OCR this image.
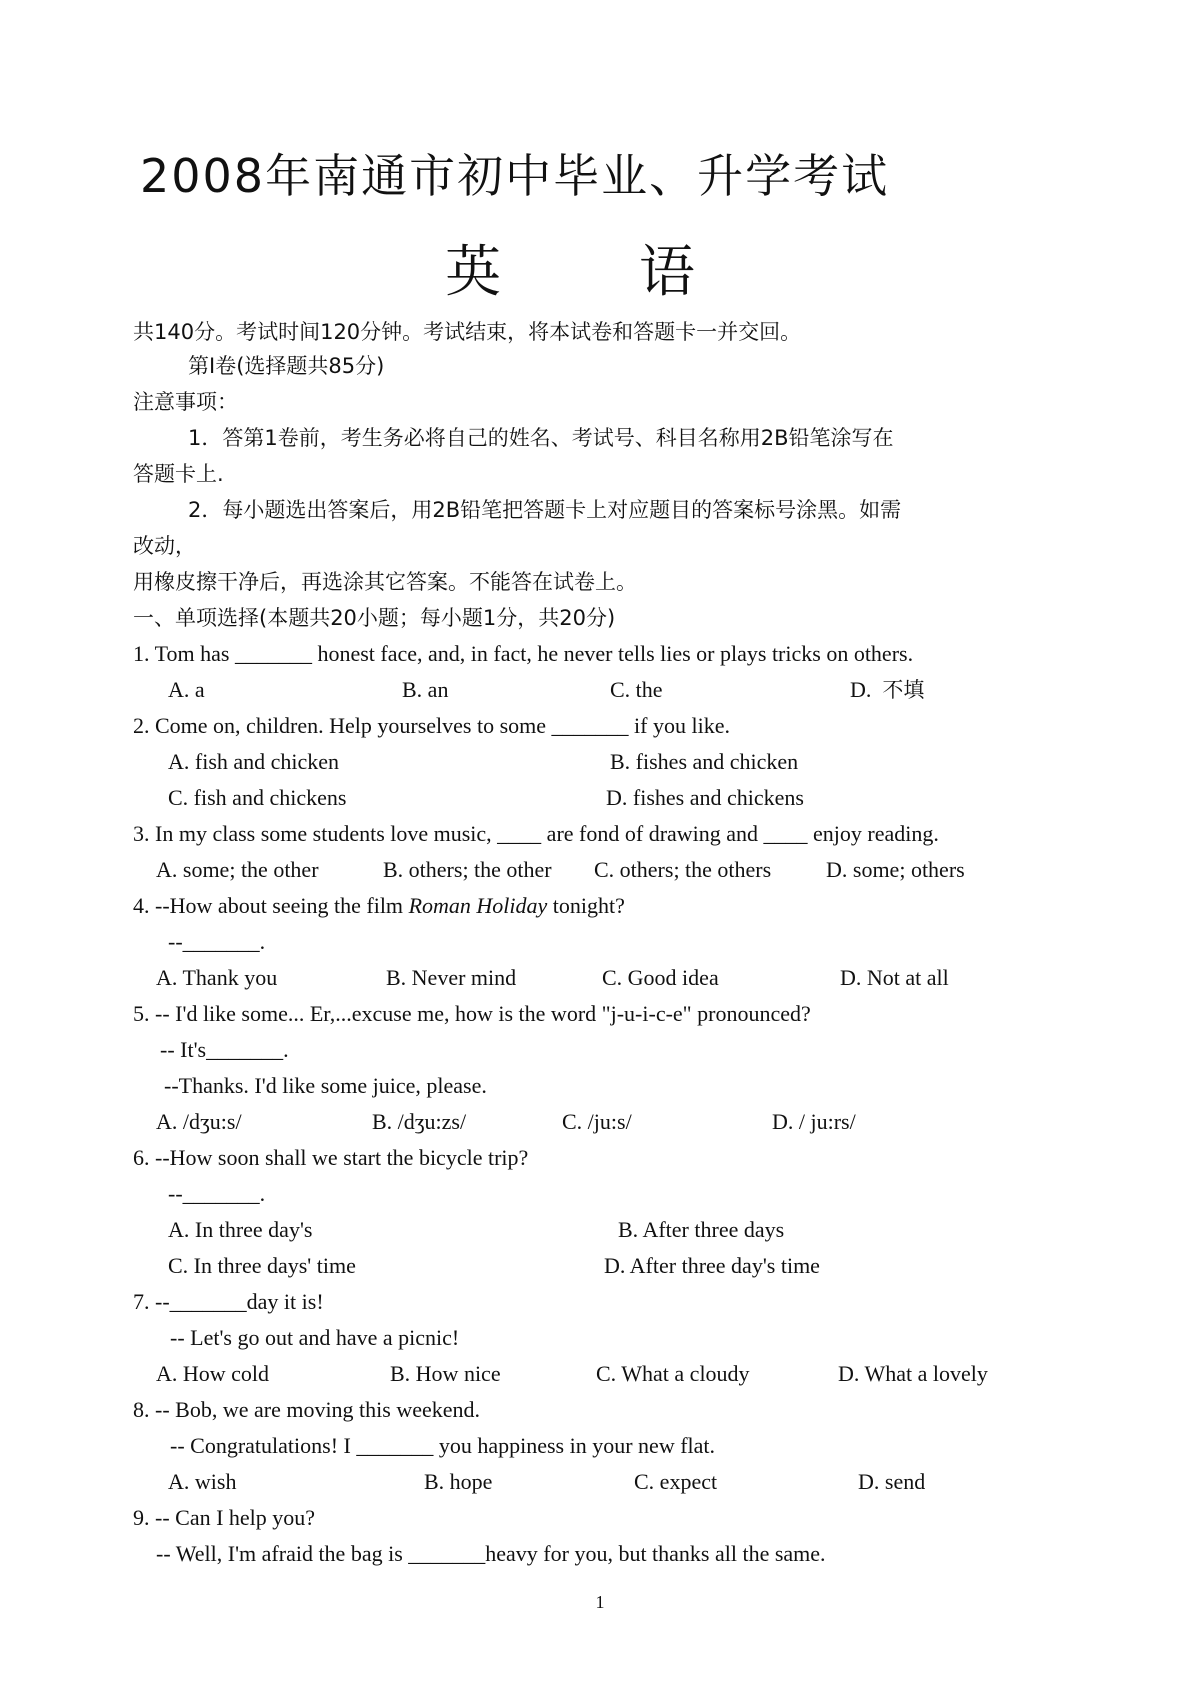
2008年南通市初中毕业、升学考试
英 语
共140分。考试时间120分钟。考试结束，将本试卷和答题卡一并交回。
第Ⅰ卷(选择题共85分)
注意事项：
1．答第1卷前，考生务必将自己的姓名、考试号、科目名称用2B铅笔涂写在
答题卡上.
2．每小题选出答案后，用2B铅笔把答题卡上对应题目的答案标号涂黑。如需
改动，
用橡皮擦干净后，再选涂其它答案。不能答在试卷上。
一、单项选择(本题共20小题；每小题1分，共20分)
1. Tom has _______ honest face, and, in fact, he never tells lies or plays tricks on others.
A. a	B. an	C. the	D. 不填
2. Come on, children. Help yourselves to some _______ if you like.
A. fish and chicken	B. fishes and chicken
C. fish and chickens	D. fishes and chickens
3. In my class some students love music, ____ are fond of drawing and ____ enjoy reading.
A. some; the other	B. others; the other C. others; the others D. some; others
4. --How about seeing the film Roman Holiday tonight?
--_______.
A. Thank you	B. Never mind	C. Good idea	D. Not at all
5. -- I'd like some... Er,...excuse me, how is the word "j-u-i-c-e" pronounced?
-- It's_______.
--Thanks. I'd like some juice, please.
A. /dʒu:s/	B. /dʒu:zs/	C. /ju:s/	D. / ju:rs/
6. --How soon shall we start the bicycle trip?
--_______.
A. In three day's	B. After three days
C. In three days' time	D. After three day's time
7. --_______day it is!
-- Let's go out and have a picnic!
A. How cold	B. How nice	C. What a cloudy	D. What a lovely
8. -- Bob, we are moving this weekend.
-- Congratulations! I _______ you happiness in your new flat.
A. wish	B. hope	C. expect	D. send
9. -- Can I help you?
-- Well, I'm afraid the bag is _______heavy for you, but thanks all the same.
1
